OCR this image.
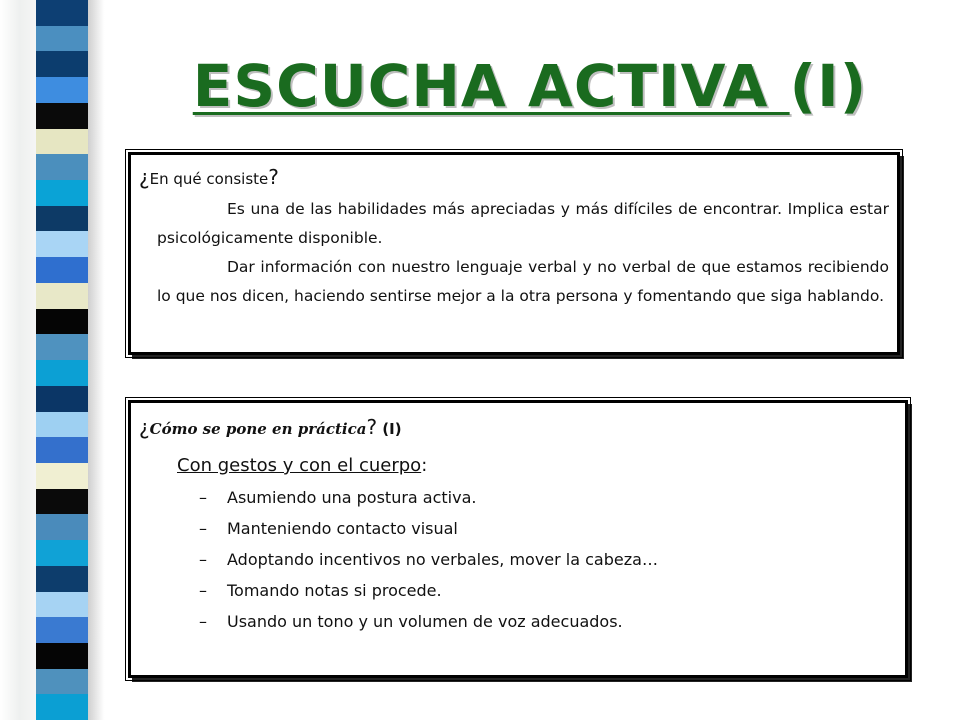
ESCUCHA ACTIVA (I)

¿En qué consiste?

Es una de las habilidades más apreciadas y más difíciles de encontrar. Implica estar psicológicamente disponible.

Dar información con nuestro lenguaje verbal y no verbal de que estamos recibiendo lo que nos dicen, haciendo sentirse mejor a la otra persona y fomentando que siga hablando.

¿Cómo se pone en práctica? (I)

Con gestos y con el cuerpo:
–	Asumiendo una postura activa.
–	Manteniendo contacto visual
–	Adoptando incentivos no verbales, mover la cabeza…
–	Tomando notas si procede.
–	Usando un tono y un volumen de voz adecuados.
